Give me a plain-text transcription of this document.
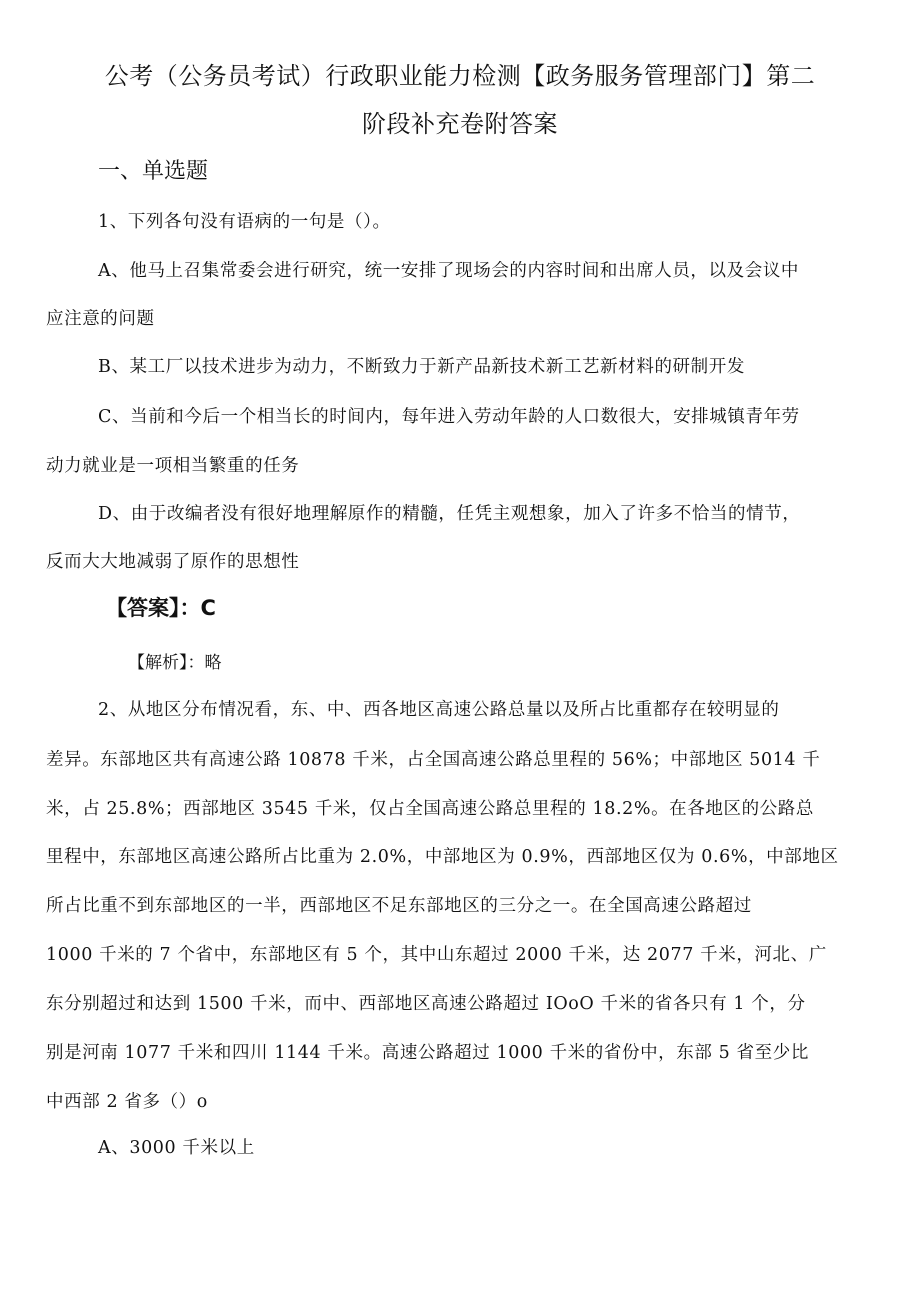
公考（公务员考试）行政职业能力检测【政务服务管理部门】第二
阶段补充卷附答案
一、单选题
1、下列各句没有语病的一句是（）。
A、他马上召集常委会进行研究，统一安排了现场会的内容时间和出席人员，以及会议中
应注意的问题
B、某工厂以技术进步为动力，不断致力于新产品新技术新工艺新材料的研制开发
C、当前和今后一个相当长的时间内，每年进入劳动年龄的人口数很大，安排城镇青年劳
动力就业是一项相当繁重的任务
D、由于改编者没有很好地理解原作的精髓，任凭主观想象，加入了许多不恰当的情节，
反而大大地减弱了原作的思想性
【答案】：C
【解析】：略
2、从地区分布情况看，东、中、西各地区高速公路总量以及所占比重都存在较明显的
差异。东部地区共有高速公路 10878 千米，占全国高速公路总里程的 56%；中部地区 5014 千
米，占 25.8%；西部地区 3545 千米，仅占全国高速公路总里程的 18.2%。在各地区的公路总
里程中，东部地区高速公路所占比重为 2.0%，中部地区为 0.9%，西部地区仅为 0.6%，中部地区
所占比重不到东部地区的一半，西部地区不足东部地区的三分之一。在全国高速公路超过
1000 千米的 7 个省中，东部地区有 5 个，其中山东超过 2000 千米，达 2077 千米，河北、广
东分别超过和达到 1500 千米，而中、西部地区高速公路超过 IOoO 千米的省各只有 1 个，分
别是河南 1077 千米和四川 1144 千米。高速公路超过 1000 千米的省份中，东部 5 省至少比
中西部 2 省多（）o
A、3000 千米以上
